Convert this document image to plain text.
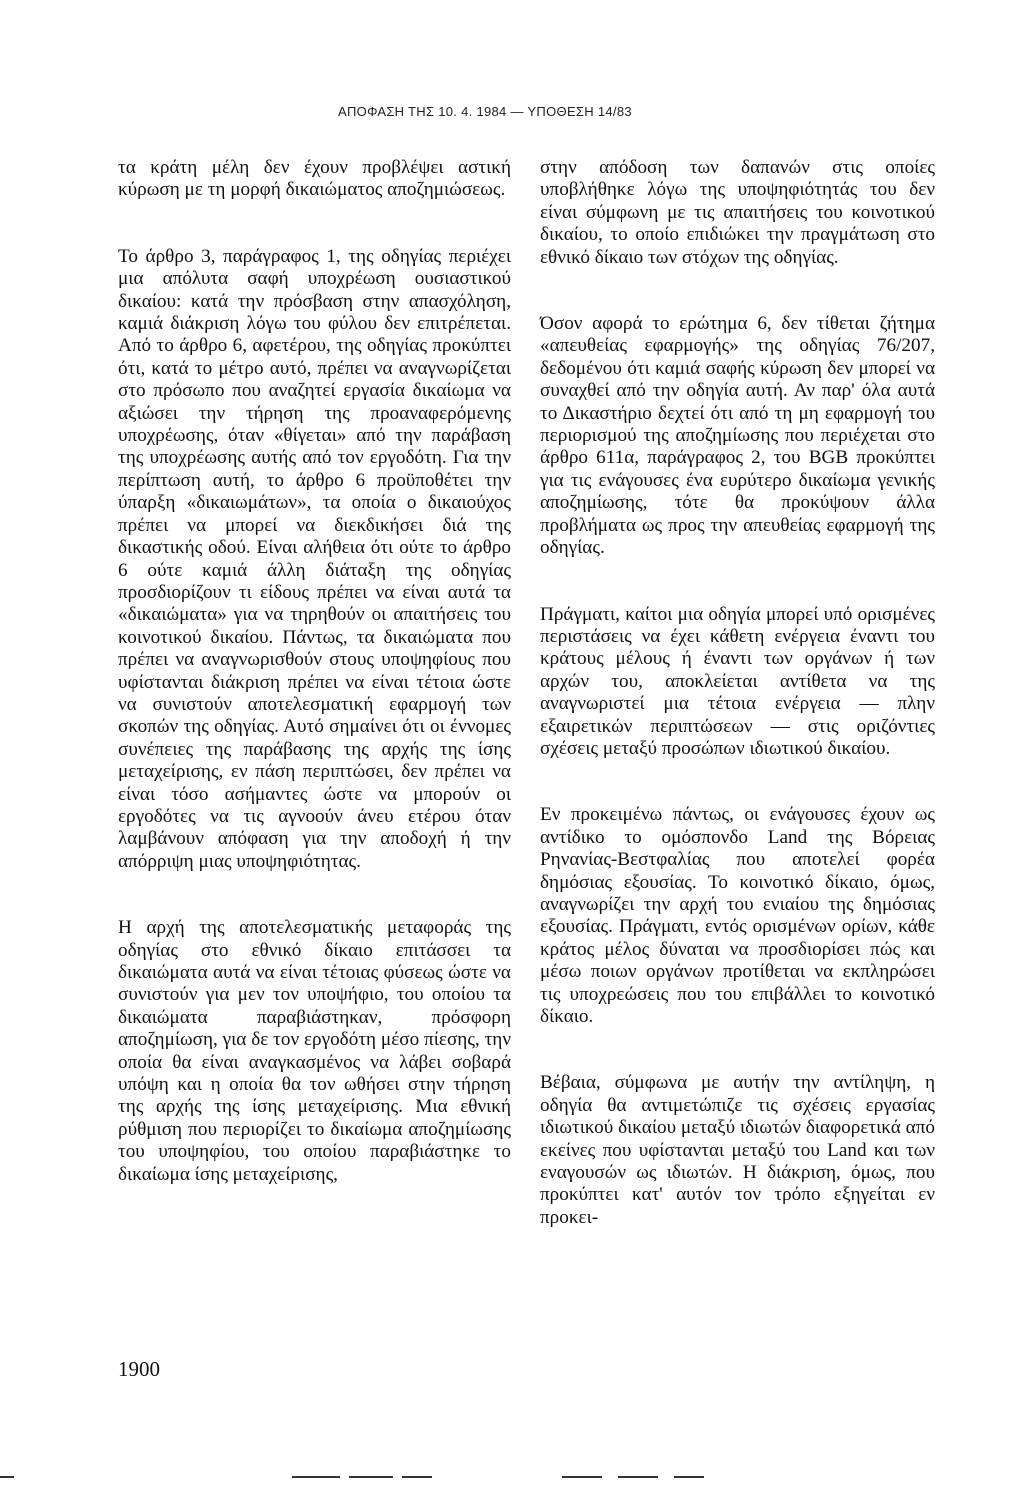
ΑΠΟΦΑΣΗ ΤΗΣ 10. 4. 1984 — ΥΠΟΘΕΣΗ 14/83

τα κράτη μέλη δεν έχουν προβλέψει αστική κύρωση με τη μορφή δικαιώματος αποζημιώσεως.

Το άρθρο 3, παράγραφος 1, της οδηγίας περιέχει μια απόλυτα σαφή υποχρέωση ουσιαστικού δικαίου: κατά την πρόσβαση στην απασχόληση, καμιά διάκριση λόγω του φύλου δεν επιτρέπεται. Από το άρθρο 6, αφετέρου, της οδηγίας προκύπτει ότι, κατά το μέτρο αυτό, πρέπει να αναγνωρίζεται στο πρόσωπο που αναζητεί εργασία δικαίωμα να αξιώσει την τήρηση της προαναφερόμενης υποχρέωσης, όταν «θίγεται» από την παράβαση της υποχρέωσης αυτής από τον εργοδότη. Για την περίπτωση αυτή, το άρθρο 6 προϋποθέτει την ύπαρξη «δικαιωμάτων», τα οποία ο δικαιούχος πρέπει να μπορεί να διεκδικήσει διά της δικαστικής οδού. Είναι αλήθεια ότι ούτε το άρθρο 6 ούτε καμιά άλλη διάταξη της οδηγίας προσδιορίζουν τι είδους πρέπει να είναι αυτά τα «δικαιώματα» για να τηρηθούν οι απαιτήσεις του κοινοτικού δικαίου. Πάντως, τα δικαιώματα που πρέπει να αναγνωρισθούν στους υποψηφίους που υφίστανται διάκριση πρέπει να είναι τέτοια ώστε να συνιστούν αποτελεσματική εφαρμογή των σκοπών της οδηγίας. Αυτό σημαίνει ότι οι έννομες συνέπειες της παράβασης της αρχής της ίσης μεταχείρισης, εν πάση περιπτώσει, δεν πρέπει να είναι τόσο ασήμαντες ώστε να μπορούν οι εργοδότες να τις αγνοούν άνευ ετέρου όταν λαμβάνουν απόφαση για την αποδοχή ή την απόρριψη μιας υποψηφιότητας.

Η αρχή της αποτελεσματικής μεταφοράς της οδηγίας στο εθνικό δίκαιο επιτάσσει τα δικαιώματα αυτά να είναι τέτοιας φύσεως ώστε να συνιστούν για μεν τον υποψήφιο, του οποίου τα δικαιώματα παραβιάστηκαν, πρόσφορη αποζημίωση, για δε τον εργοδότη μέσο πίεσης, την οποία θα είναι αναγκασμένος να λάβει σοβαρά υπόψη και η οποία θα τον ωθήσει στην τήρηση της αρχής της ίσης μεταχείρισης. Μια εθνική ρύθμιση που περιορίζει το δικαίωμα αποζημίωσης του υποψηφίου, του οποίου παραβιάστηκε το δικαίωμα ίσης μεταχείρισης,

στην απόδοση των δαπανών στις οποίες υποβλήθηκε λόγω της υποψηφιότητάς του δεν είναι σύμφωνη με τις απαιτήσεις του κοινοτικού δικαίου, το οποίο επιδιώκει την πραγμάτωση στο εθνικό δίκαιο των στόχων της οδηγίας.

Όσον αφορά το ερώτημα 6, δεν τίθεται ζήτημα «απευθείας εφαρμογής» της οδηγίας 76/207, δεδομένου ότι καμιά σαφής κύρωση δεν μπορεί να συναχθεί από την οδηγία αυτή. Αν παρ' όλα αυτά το Δικαστήριο δεχτεί ότι από τη μη εφαρμογή του περιορισμού της αποζημίωσης που περιέχεται στο άρθρο 611α, παράγραφος 2, του BGB προκύπτει για τις ενάγουσες ένα ευρύτερο δικαίωμα γενικής αποζημίωσης, τότε θα προκύψουν άλλα προβλήματα ως προς την απευθείας εφαρμογή της οδηγίας.

Πράγματι, καίτοι μια οδηγία μπορεί υπό ορισμένες περιστάσεις να έχει κάθετη ενέργεια έναντι του κράτους μέλους ή έναντι των οργάνων ή των αρχών του, αποκλείεται αντίθετα να της αναγνωριστεί μια τέτοια ενέργεια — πλην εξαιρετικών περιπτώσεων — στις οριζόντιες σχέσεις μεταξύ προσώπων ιδιωτικού δικαίου.

Εν προκειμένω πάντως, οι ενάγουσες έχουν ως αντίδικο το ομόσπονδο Land της Βόρειας Ρηνανίας-Βεστφαλίας που αποτελεί φορέα δημόσιας εξουσίας. Το κοινοτικό δίκαιο, όμως, αναγνωρίζει την αρχή του ενιαίου της δημόσιας εξουσίας. Πράγματι, εντός ορισμένων ορίων, κάθε κράτος μέλος δύναται να προσδιορίσει πώς και μέσω ποιων οργάνων προτίθεται να εκπληρώσει τις υποχρεώσεις που του επιβάλλει το κοινοτικό δίκαιο.

Βέβαια, σύμφωνα με αυτήν την αντίληψη, η οδηγία θα αντιμετώπιζε τις σχέσεις εργασίας ιδιωτικού δικαίου μεταξύ ιδιωτών διαφορετικά από εκείνες που υφίστανται μεταξύ του Land και των εναγουσών ως ιδιωτών. Η διάκριση, όμως, που προκύπτει κατ' αυτόν τον τρόπο εξηγείται εν προκει-

1900
